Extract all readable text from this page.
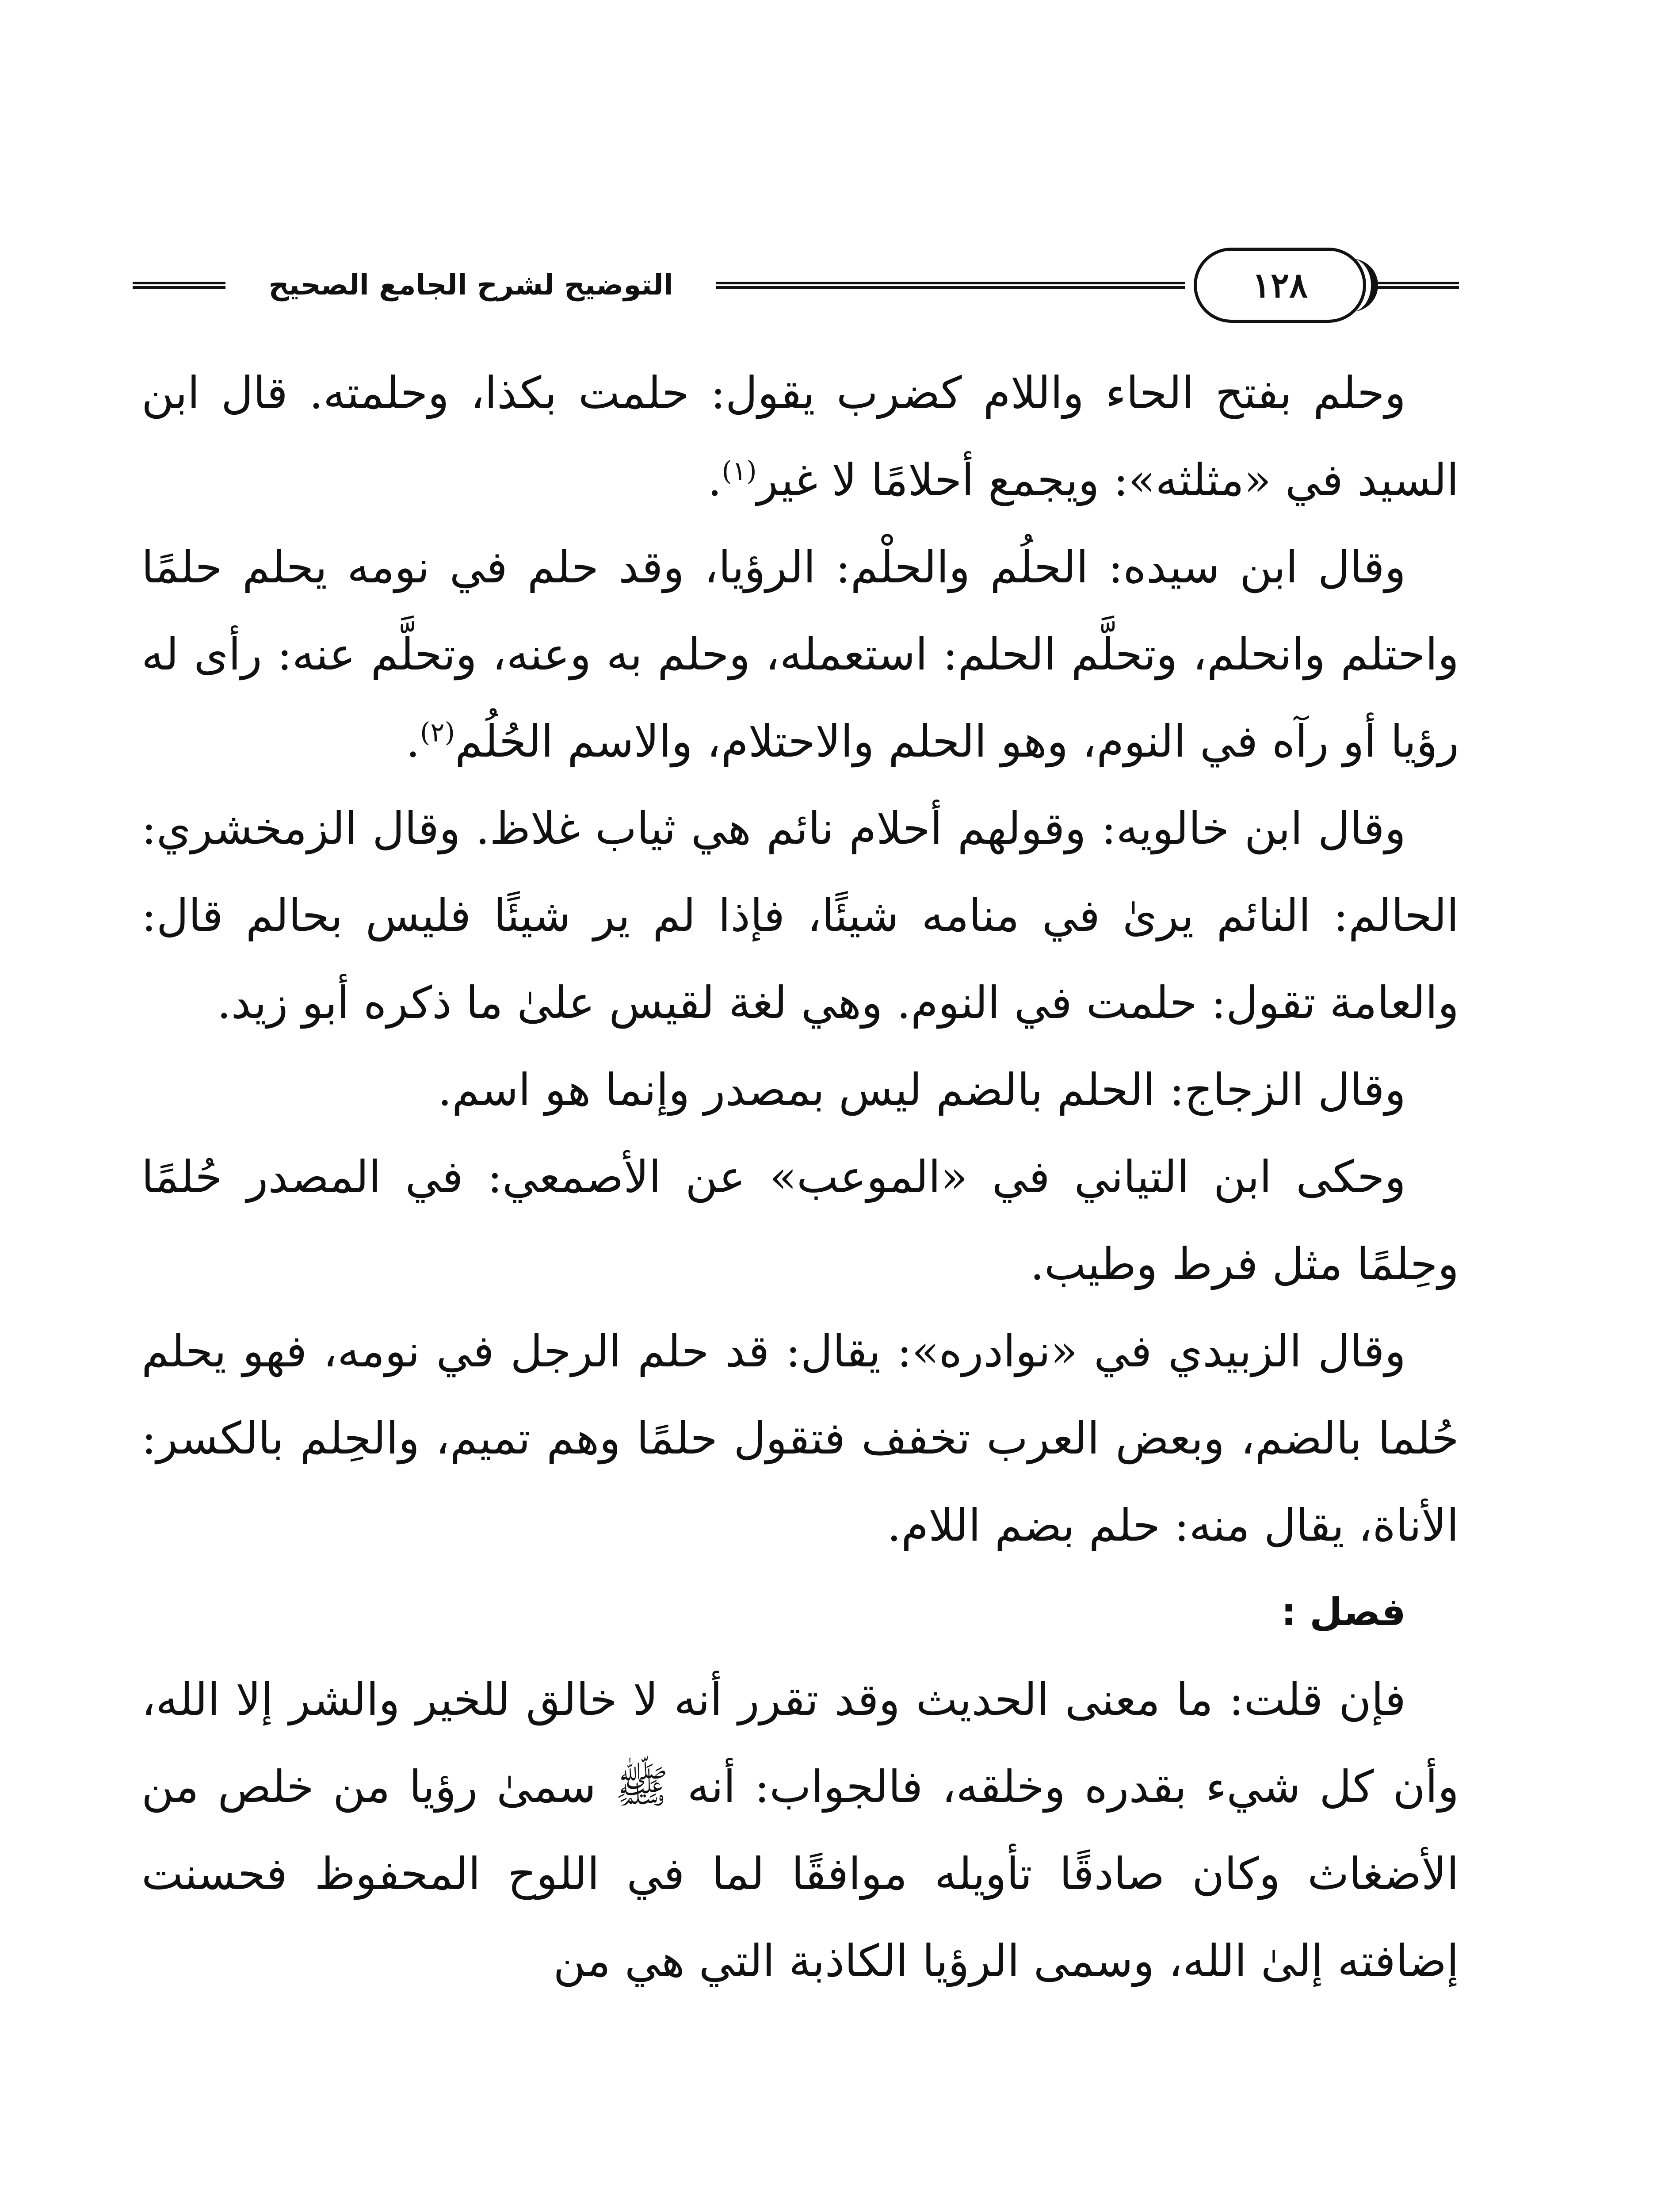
التوضيح لشرح الجامع الصحيح	١٢٨

وحلم بفتح الحاء واللام كضرب يقول: حلمت بكذا، وحلمته. قال ابن السيد في «مثلثه»: ويجمع أحلامًا لا غير$^{(١)}$.

وقال ابن سيده: الحلُم والحلْم: الرؤيا، وقد حلم في نومه يحلم حلمًا واحتلم وانحلم، وتحلَّم الحلم: استعمله، وحلم به وعنه، وتحلَّم عنه: رأى له رؤيا أو رآه في النوم، وهو الحلم والاحتلام، والاسم الحُلُم$^{(٢)}$.

وقال ابن خالويه: وقولهم أحلام نائم هي ثياب غلاظ. وقال الزمخشري: الحالم: النائم يرىٰ في منامه شيئًا، فإذا لم ير شيئًا فليس بحالم قال: والعامة تقول: حلمت في النوم. وهي لغة لقيس علىٰ ما ذكره أبو زيد.

وقال الزجاج: الحلم بالضم ليس بمصدر وإنما هو اسم.

وحكى ابن التياني في «الموعب» عن الأصمعي: في المصدر حُلمًا وحِلمًا مثل فرط وطيب.

وقال الزبيدي في «نوادره»: يقال: قد حلم الرجل في نومه، فهو يحلم حُلما بالضم، وبعض العرب تخفف فتقول حلمًا وهم تميم، والحِلم بالكسر: الأناة، يقال منه: حلم بضم اللام.

فصل :

فإن قلت: ما معنى الحديث وقد تقرر أنه لا خالق للخير والشر إلا الله، وأن كل شيء بقدره وخلقه، فالجواب: أنه ﷺ سمىٰ رؤيا من خلص من الأضغاث وكان صادقًا تأويله موافقًا لما في اللوح المحفوظ فحسنت إضافته إلىٰ الله، وسمى الرؤيا الكاذبة التي هي من
